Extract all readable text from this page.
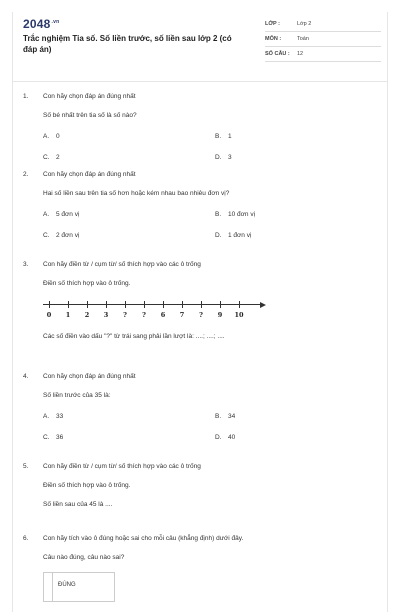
$2048^{.vn}$
Trắc nghiệm Tia số. Số liền trước, số liền sau lớp 2 (có đáp án)
LỚP :	Lớp 2
MÔN :	Toán
SỐ CÂU :	12
1. Con hãy chọn đáp án đúng nhất
Số bé nhất trên tia số là số nào?
A.	0	B.	1
C.	2	D.	3
2. Con hãy chọn đáp án đúng nhất
Hai số liền sau trên tia số hơn hoặc kém nhau bao nhiêu đơn vị?
A.	5 đơn vị	B.	10 đơn vị
C.	2 đơn vị	D.	1 đơn vị
3. Con hãy điền từ / cụm từ/ số thích hợp vào các ô trống
Điền số thích hợp vào ô trống.
0 1 2 3 ? ? 6 7 ? 9 10
Các số điền vào dấu "?" từ trái sang phải lần lượt là: ....; ....; ....
4. Con hãy chọn đáp án đúng nhất
Số liền trước của 35 là:
A.	33	B.	34
C.	36	D.	40
5. Con hãy điền từ / cụm từ/ số thích hợp vào các ô trống
Điền số thích hợp vào ô trống.
Số liền sau của 45 là ....
6. Con hãy tích vào ô đúng hoặc sai cho mỗi câu (khẳng định) dưới đây.
Câu nào đúng, câu nào sai?
ĐÚNG
